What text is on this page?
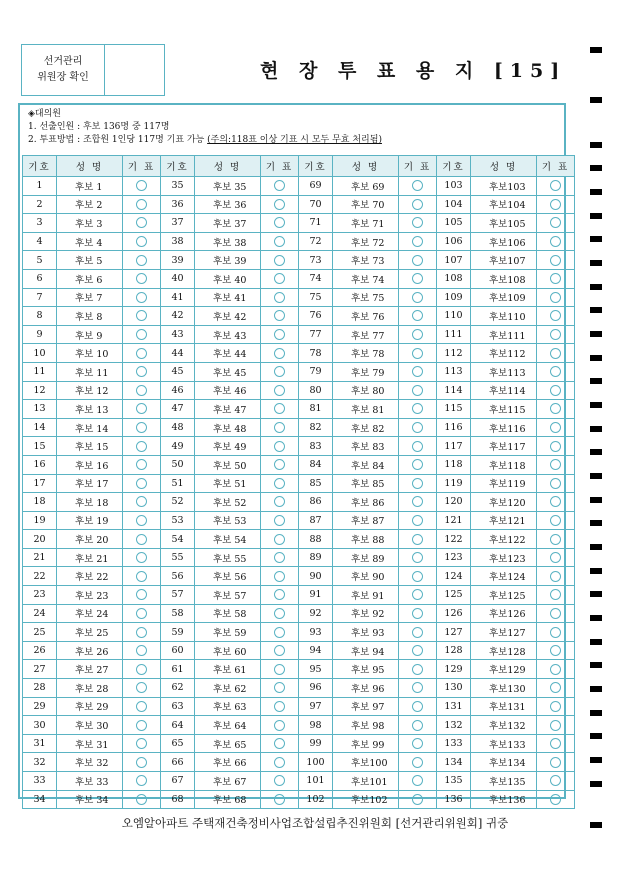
선거관리
위원장 확인	현 장 투 표 용 지 [15]
◈대의원
1. 선출인원 : 후보 136명 중 117명
2. 투표방법 : 조합원 1인당 117명 기표 가능 (주의:118표 이상 기표 시 모두 무효 처리됨)
기호	성 명	기 표	기호	성 명	기 표	기호	성 명	기 표	기호	성 명	기 표
1	후보 1		35	후보 35		69	후보 69		103	후보103	
2	후보 2		36	후보 36		70	후보 70		104	후보104	
3	후보 3		37	후보 37		71	후보 71		105	후보105	
4	후보 4		38	후보 38		72	후보 72		106	후보106	
5	후보 5		39	후보 39		73	후보 73		107	후보107	
6	후보 6		40	후보 40		74	후보 74		108	후보108	
7	후보 7		41	후보 41		75	후보 75		109	후보109	
8	후보 8		42	후보 42		76	후보 76		110	후보110	
9	후보 9		43	후보 43		77	후보 77		111	후보111	
10	후보 10		44	후보 44		78	후보 78		112	후보112	
11	후보 11		45	후보 45		79	후보 79		113	후보113	
12	후보 12		46	후보 46		80	후보 80		114	후보114	
13	후보 13		47	후보 47		81	후보 81		115	후보115	
14	후보 14		48	후보 48		82	후보 82		116	후보116	
15	후보 15		49	후보 49		83	후보 83		117	후보117	
16	후보 16		50	후보 50		84	후보 84		118	후보118	
17	후보 17		51	후보 51		85	후보 85		119	후보119	
18	후보 18		52	후보 52		86	후보 86		120	후보120	
19	후보 19		53	후보 53		87	후보 87		121	후보121	
20	후보 20		54	후보 54		88	후보 88		122	후보122	
21	후보 21		55	후보 55		89	후보 89		123	후보123	
22	후보 22		56	후보 56		90	후보 90		124	후보124	
23	후보 23		57	후보 57		91	후보 91		125	후보125	
24	후보 24		58	후보 58		92	후보 92		126	후보126	
25	후보 25		59	후보 59		93	후보 93		127	후보127	
26	후보 26		60	후보 60		94	후보 94		128	후보128	
27	후보 27		61	후보 61		95	후보 95		129	후보129	
28	후보 28		62	후보 62		96	후보 96		130	후보130	
29	후보 29		63	후보 63		97	후보 97		131	후보131	
30	후보 30		64	후보 64		98	후보 98		132	후보132	
31	후보 31		65	후보 65		99	후보 99		133	후보133	
32	후보 32		66	후보 66		100	후보100		134	후보134	
33	후보 33		67	후보 67		101	후보101		135	후보135	
34	후보 34		68	후보 68		102	후보102		136	후보136	
오엠알아파트 주택재건축정비사업조합설립추진위원회 [선거관리위원회] 귀중
